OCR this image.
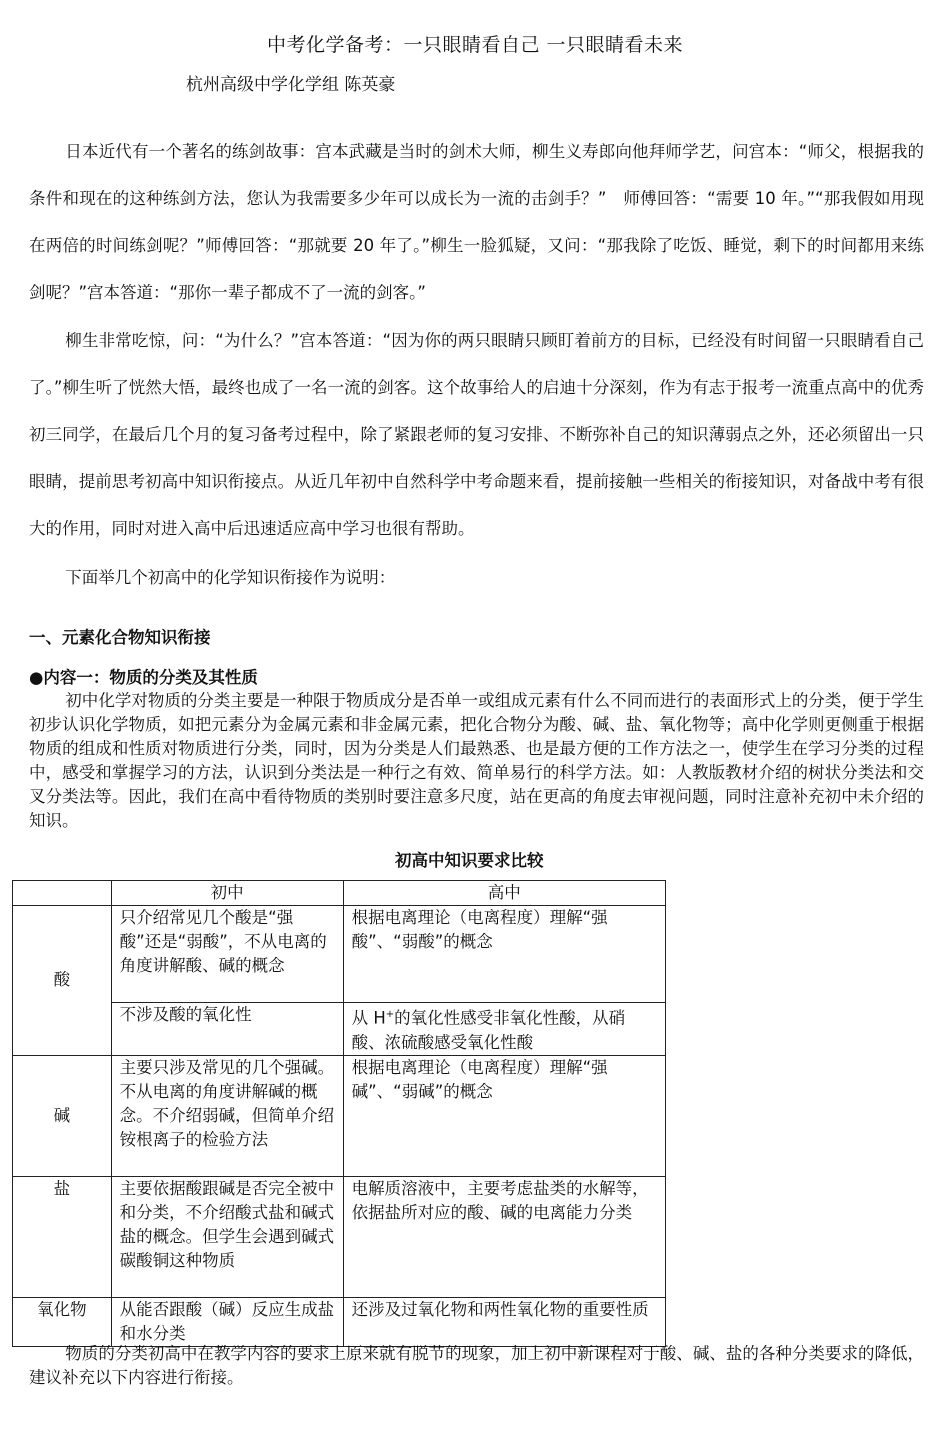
中考化学备考：一只眼睛看自己 一只眼睛看未来
杭州高级中学化学组 陈英豪

日本近代有一个著名的练剑故事：宫本武藏是当时的剑术大师，柳生义寿郎向他拜师学艺，问宫本：“师父，根据我的条件和现在的这种练剑方法，您认为我需要多少年可以成长为一流的击剑手？”　师傅回答：“需要 10 年。”“那我假如用现在两倍的时间练剑呢？”师傅回答：“那就要 20 年了。”柳生一脸狐疑，又问：“那我除了吃饭、睡觉，剩下的时间都用来练剑呢？”宫本答道：“那你一辈子都成不了一流的剑客。”

柳生非常吃惊，问：“为什么？”宫本答道：“因为你的两只眼睛只顾盯着前方的目标，已经没有时间留一只眼睛看自己了。”柳生听了恍然大悟，最终也成了一名一流的剑客。这个故事给人的启迪十分深刻，作为有志于报考一流重点高中的优秀初三同学，在最后几个月的复习备考过程中，除了紧跟老师的复习安排、不断弥补自己的知识薄弱点之外，还必须留出一只眼睛，提前思考初高中知识衔接点。从近几年初中自然科学中考命题来看，提前接触一些相关的衔接知识，对备战中考有很大的作用，同时对进入高中后迅速适应高中学习也很有帮助。

下面举几个初高中的化学知识衔接作为说明：

一、元素化合物知识衔接
●内容一：物质的分类及其性质

初中化学对物质的分类主要是一种限于物质成分是否单一或组成元素有什么不同而进行的表面形式上的分类，便于学生初步认识化学物质，如把元素分为金属元素和非金属元素，把化合物分为酸、碱、盐、氧化物等；高中化学则更侧重于根据物质的组成和性质对物质进行分类，同时，因为分类是人们最熟悉、也是最方便的工作方法之一，使学生在学习分类的过程中，感受和掌握学习的方法，认识到分类法是一种行之有效、简单易行的科学方法。如：人教版教材介绍的树状分类法和交叉分类法等。因此，我们在高中看待物质的类别时要注意多尺度，站在更高的角度去审视问题，同时注意补充初中未介绍的知识。

初高中知识要求比较
	初中	高中
酸	只介绍常见几个酸是“强酸”还是“弱酸”，不从电离的角度讲解酸、碱的概念	根据电离理论（电离程度）理解“强酸”、“弱酸”的概念
	不涉及酸的氧化性	从 H+的氧化性感受非氧化性酸，从硝酸、浓硫酸感受氧化性酸
碱	主要只涉及常见的几个强碱。不从电离的角度讲解碱的概念。不介绍弱碱，但简单介绍铵根离子的检验方法	根据电离理论（电离程度）理解“强碱”、“弱碱”的概念
盐	主要依据酸跟碱是否完全被中和分类，不介绍酸式盐和碱式盐的概念。但学生会遇到碱式碳酸铜这种物质	电解质溶液中，主要考虑盐类的水解等，依据盐所对应的酸、碱的电离能力分类
氧化物	从能否跟酸（碱）反应生成盐和水分类	还涉及过氧化物和两性氧化物的重要性质

物质的分类初高中在教学内容的要求上原来就有脱节的现象，加上初中新课程对于酸、碱、盐的各种分类要求的降低，建议补充以下内容进行衔接。
